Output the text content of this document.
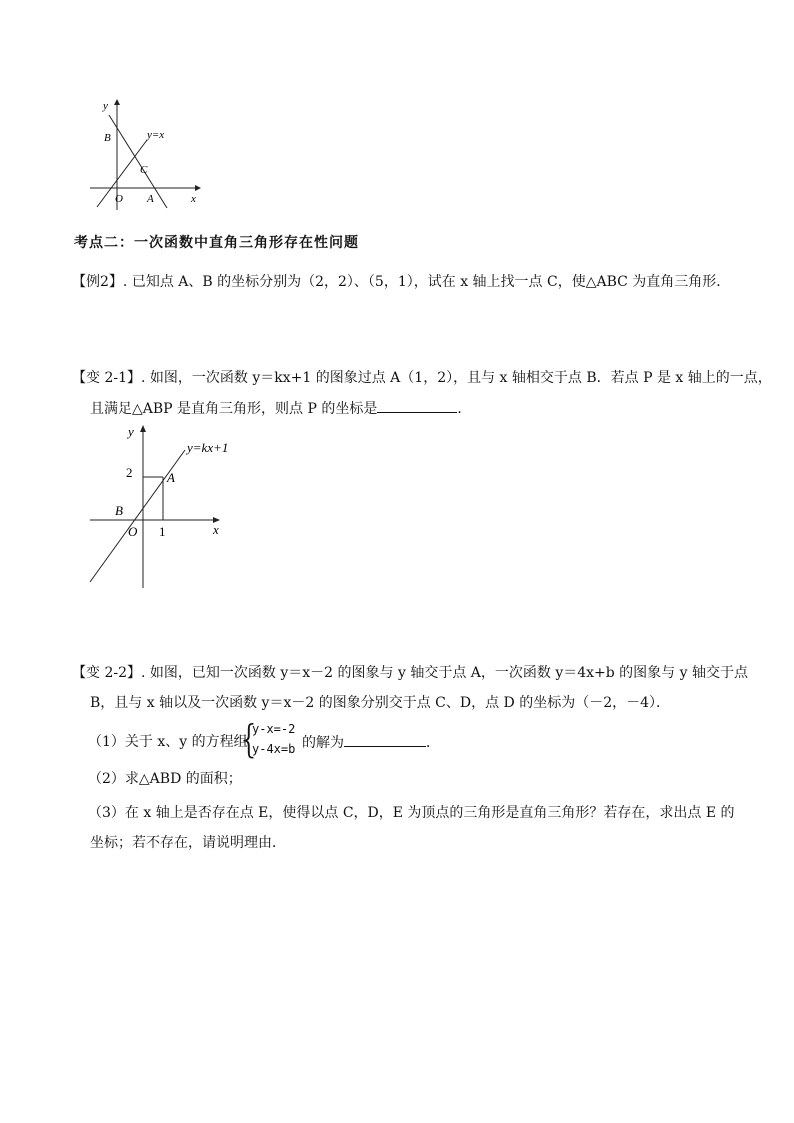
y
x
O A
B
C
y=x
考点二：一次函数中直角三角形存在性问题
【例2】. 已知点 A、B 的坐标分别为（2，2）、（5，1），试在 x 轴上找一点 C，使△ABC 为直角三角形．
【变 2-1】. 如图，一次函数 y＝kx+1 的图象过点 A（1，2），且与 x 轴相交于点 B．若点 P 是 x 轴上的一点，
且满足△ABP 是直角三角形，则点 P 的坐标是	．
y
x
O
A
B
2
1
y=kx+1
【变 2-2】. 如图，已知一次函数 y＝x－2 的图象与 y 轴交于点 A，一次函数 y＝4x+b 的图象与 y 轴交于点
B，且与 x 轴以及一次函数 y＝x－2 的图象分别交于点 C、D，点 D 的坐标为（－2，－4）．
（1）关于 x、y 的方程组
{
y-x=-2
y-4x=b 的解为	．
（2）求△ABD 的面积；
（3）在 x 轴上是否存在点 E，使得以点 C，D，E 为顶点的三角形是直角三角形？若存在，求出点 E 的
坐标；若不存在，请说明理由．
